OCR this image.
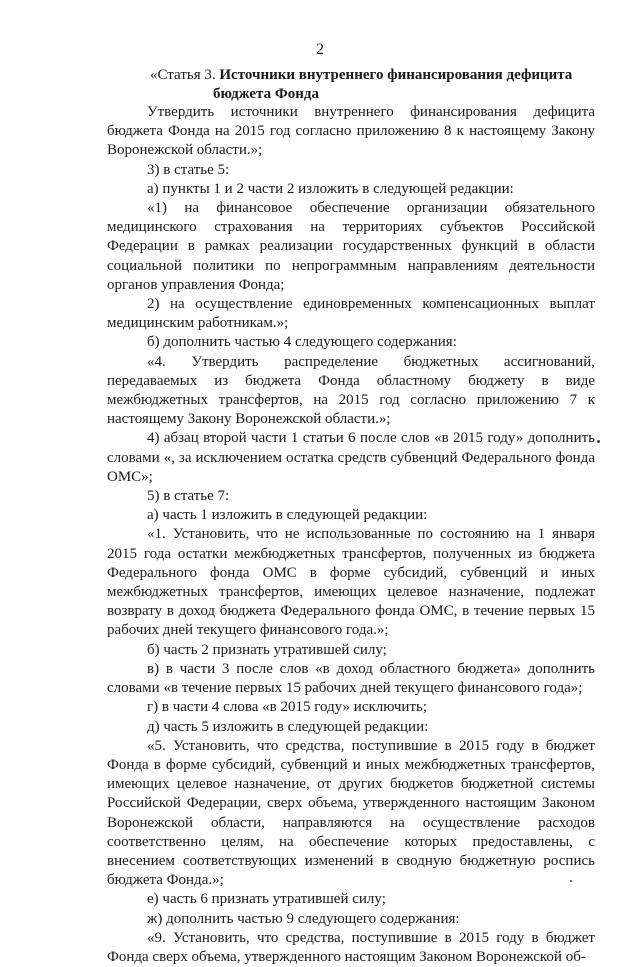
2
«Статья 3. Источники внутреннего финансирования дефицита
бюджета Фонда

Утвердить источники внутреннего финансирования дефицита бюджета Фонда на 2015 год согласно приложению 8 к настоящему Закону Воронежской области.»;

3) в статье 5:

а) пункты 1 и 2 части 2 изложить в следующей редакции:

«1) на финансовое обеспечение организации обязательного медицинского страхования на территориях субъектов Российской Федерации в рамках реализации государственных функций в области социальной политики по непрограммным направлениям деятельности органов управления Фонда;

2) на осуществление единовременных компенсационных выплат медицинским работникам.»;

б) дополнить частью 4 следующего содержания:

«4. Утвердить распределение бюджетных ассигнований, передаваемых из бюджета Фонда областному бюджету в виде межбюджетных трансфертов, на 2015 год согласно приложению 7 к настоящему Закону Воронежской области.»;

4) абзац второй части 1 статьи 6 после слов «в 2015 году» дополнить словами «, за исключением остатка средств субвенций Федерального фонда ОМС»;

5) в статье 7:

а) часть 1 изложить в следующей редакции:

«1. Установить, что не использованные по состоянию на 1 января 2015 года остатки межбюджетных трансфертов, полученных из бюджета Федерального фонда ОМС в форме субсидий, субвенций и иных межбюджетных трансфертов, имеющих целевое назначение, подлежат возврату в доход бюджета Федерального фонда ОМС, в течение первых 15 рабочих дней текущего финансового года.»;

б) часть 2 признать утратившей силу;

в) в части 3 после слов «в доход областного бюджета» дополнить словами «в течение первых 15 рабочих дней текущего финансового года»;

г) в части 4 слова «в 2015 году» исключить;

д) часть 5 изложить в следующей редакции:

«5. Установить, что средства, поступившие в 2015 году в бюджет Фонда в форме субсидий, субвенций и иных межбюджетных трансфертов, имеющих целевое назначение, от других бюджетов бюджетной системы Российской Федерации, сверх объема, утвержденного настоящим Законом Воронежской области, направляются на осуществление расходов соответственно целям, на обеспечение которых предоставлены, с внесением соответствующих изменений в сводную бюджетную роспись бюджета Фонда.»;

е) часть 6 признать утратившей силу;

ж) дополнить частью 9 следующего содержания:

«9. Установить, что средства, поступившие в 2015 году в бюджет Фонда сверх объема, утвержденного настоящим Законом Воронежской об-
